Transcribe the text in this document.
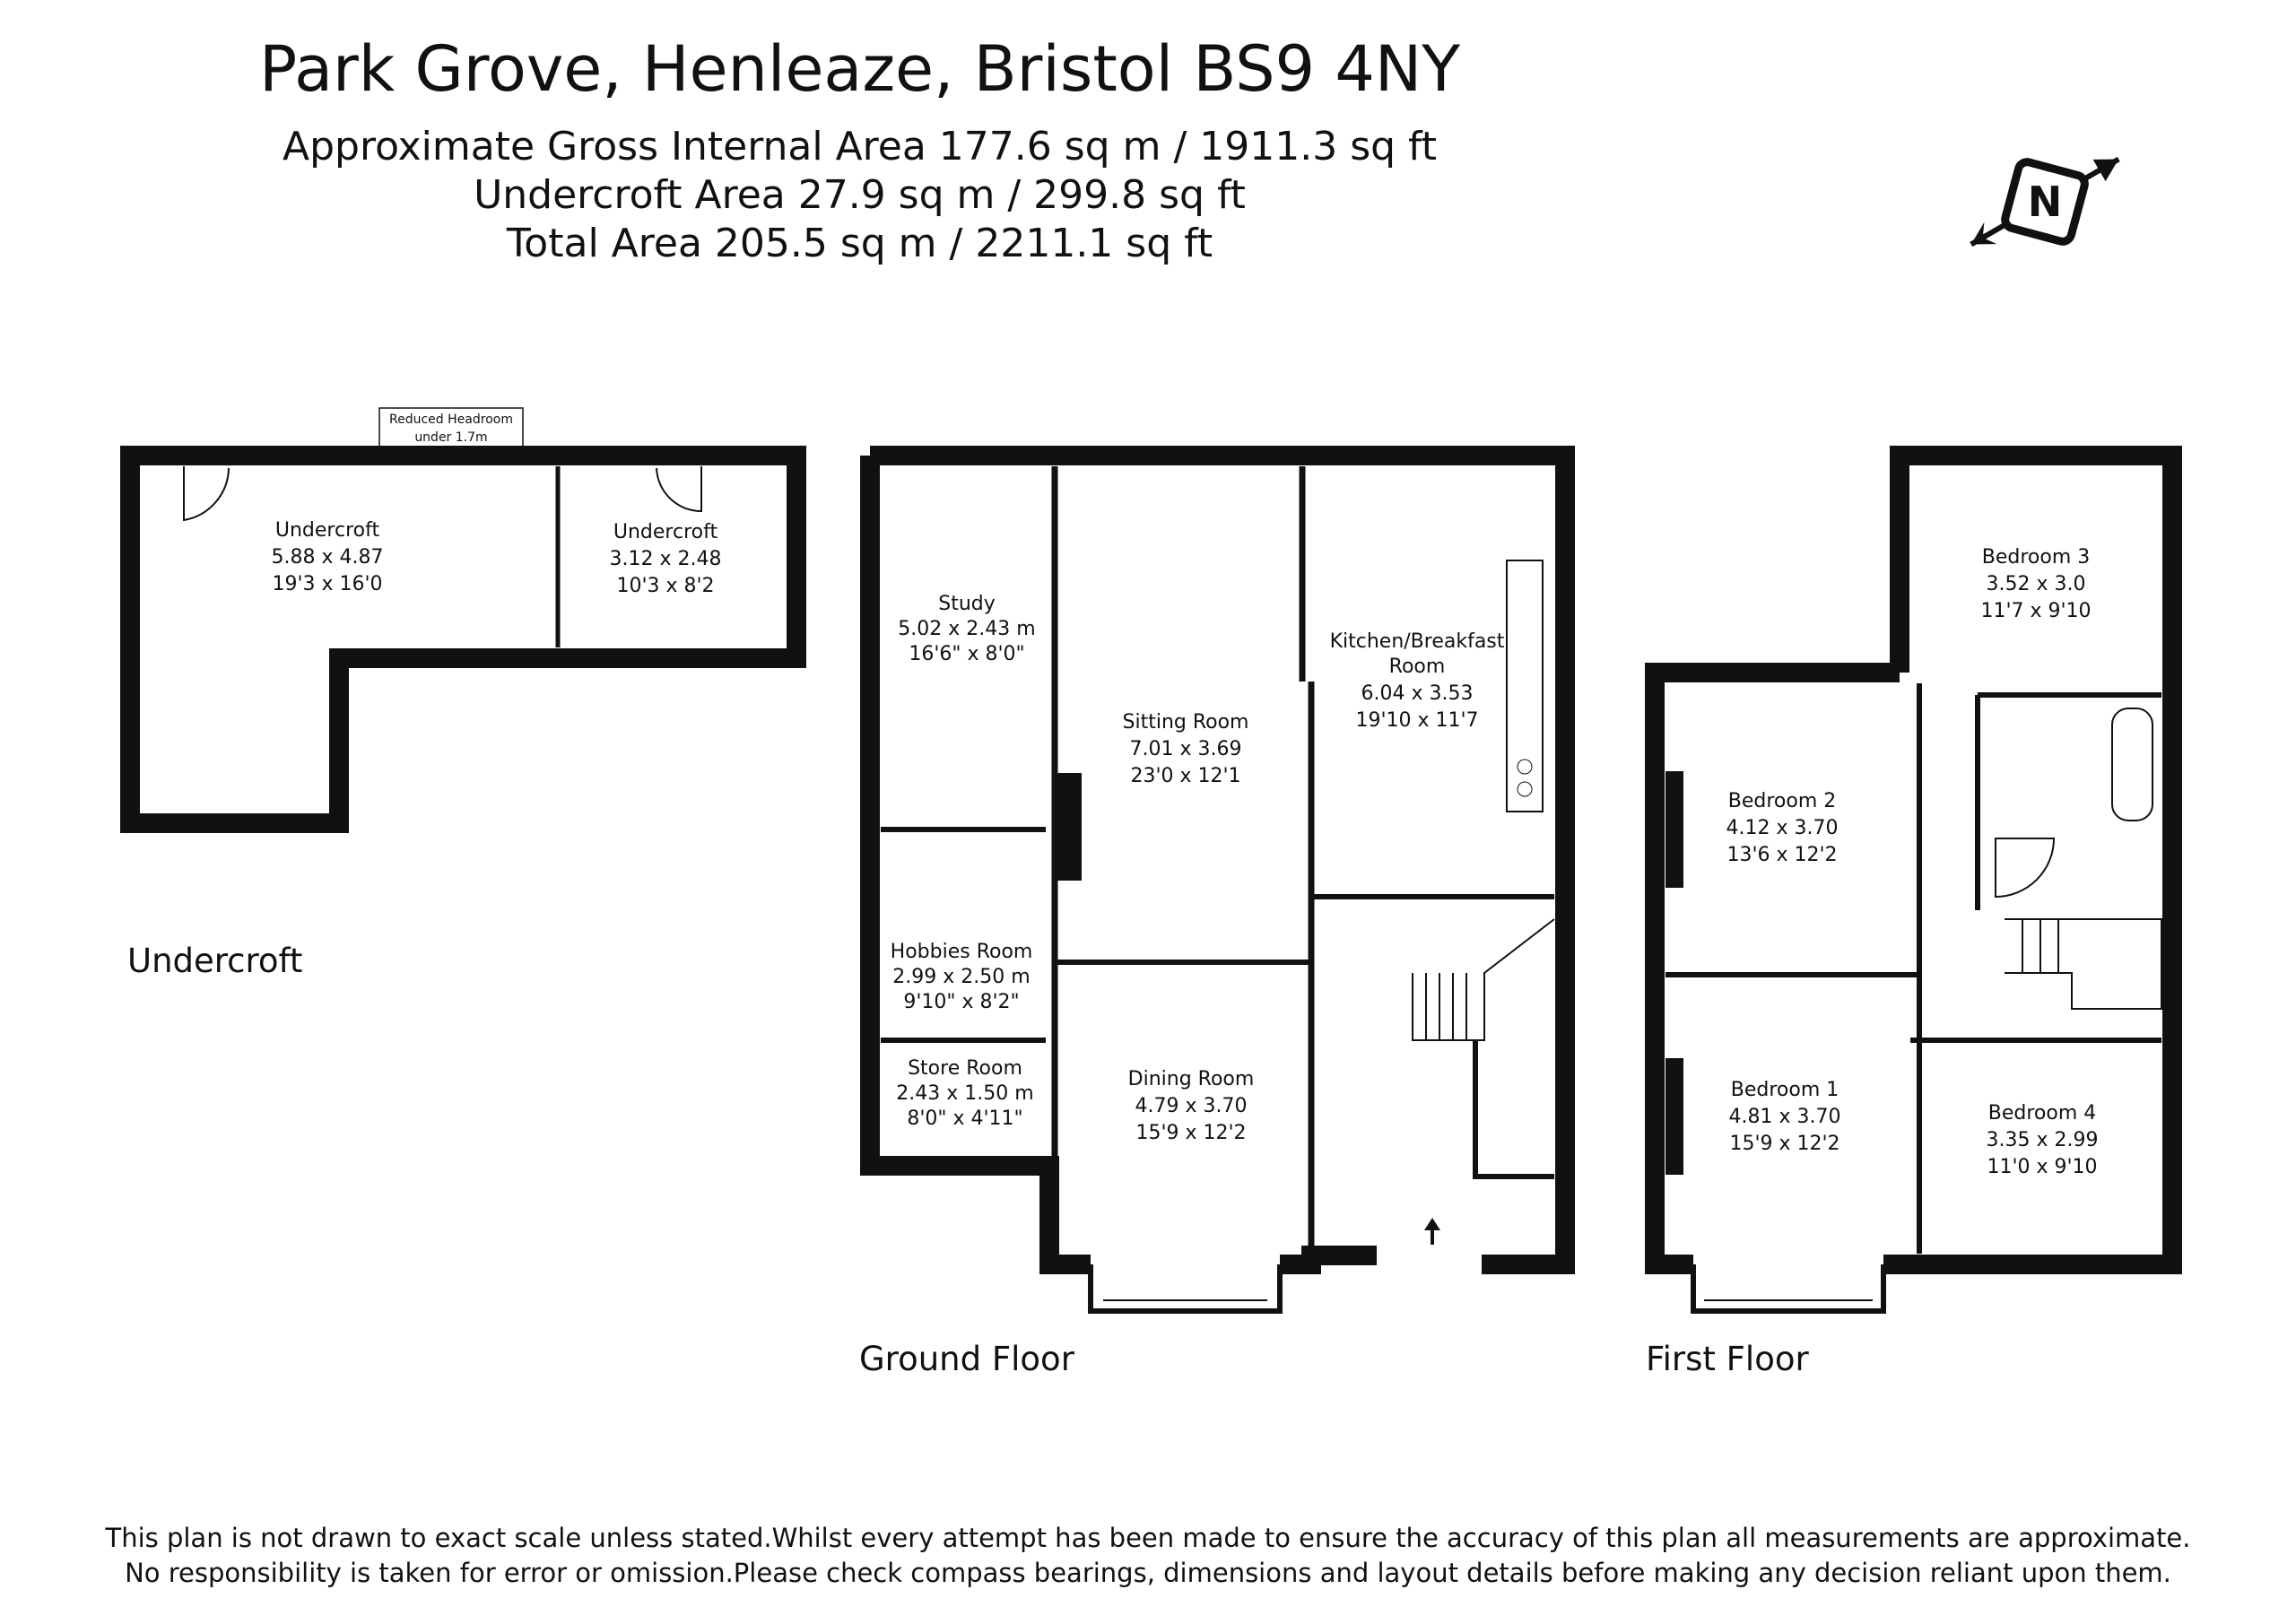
Park Grove, Henleaze, Bristol BS9 4NY
Approximate Gross Internal Area 177.6 sq m / 1911.3 sq ft
Undercroft Area 27.9 sq m / 299.8 sq ft
Total Area 205.5 sq m / 2211.1 sq ft
N
Reduced Headroom
under 1.7m
Undercroft
5.88 x 4.87
19'3 x 16'0
Undercroft
3.12 x 2.48
10'3 x 8'2
Undercroft
Study
5.02 x 2.43 m
16'6" x 8'0"
Sitting Room
7.01 x 3.69
23'0 x 12'1
Kitchen/Breakfast
Room
6.04 x 3.53
19'10 x 11'7
Hobbies Room
2.99 x 2.50 m
9'10" x 8'2"
Store Room
2.43 x 1.50 m
8'0" x 4'11"
Dining Room
4.79 x 3.70
15'9 x 12'2
Ground Floor
Bedroom 3
3.52 x 3.0
11'7 x 9'10
Bedroom 2
4.12 x 3.70
13'6 x 12'2
Bedroom 1
4.81 x 3.70
15'9 x 12'2
Bedroom 4
3.35 x 2.99
11'0 x 9'10
First Floor
This plan is not drawn to exact scale unless stated.Whilst every attempt has been made to ensure the accuracy of this plan all measurements are approximate.
No responsibility is taken for error or omission.Please check compass bearings, dimensions and layout details before making any decision reliant upon them.
